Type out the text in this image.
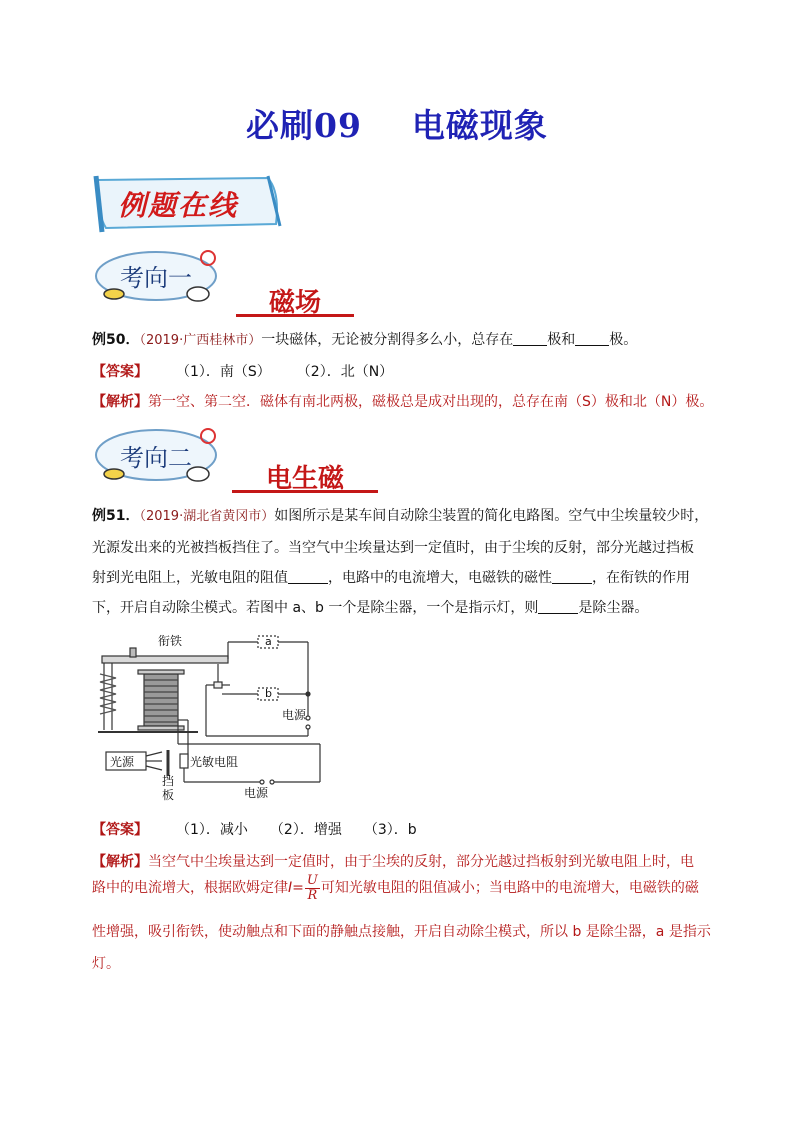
必刷09    电磁现象
例题在线
考向一
磁场
例50．（2019·广西桂林市）一块磁体，无论被分割得多么小，总存在 极和 极。
【答案】 （1）．南（S） （2）．北（N）
【解析】第一空、第二空．磁体有南北两极，磁极总是成对出现的，总存在南（S）极和北（N）极。
考向二
电生磁
例51．（2019·湖北省黄冈市）如图所示是某车间自动除尘装置的简化电路图。空气中尘埃量较少时，
光源发出来的光被挡板挡住了。当空气中尘埃量达到一定值时，由于尘埃的反射，部分光越过挡板
射到光电阻上，光敏电阻的阻值	，电路中的电流增大，电磁铁的磁性	，在衔铁的作用
下，开启自动除尘模式。若图中 a、b 一个是除尘器，一个是指示灯，则	是除尘器。
衔铁	a
b
电源
光源	光敏电阻
挡
板	电源
【答案】 （1）．减小 （2）．增强 （3）．b
【解析】当空气中尘埃量达到一定值时，由于尘埃的反射，部分光越过挡板射到光敏电阻上时，电
路中的电流增大，根据欧姆定律$I= \frac{U}{R}$ 可知光敏电阻的阻值减小；当电路中的电流增大，电磁铁的磁
性增强，吸引衔铁，使动触点和下面的静触点接触，开启自动除尘模式，所以 b 是除尘器，a 是指示
灯。
